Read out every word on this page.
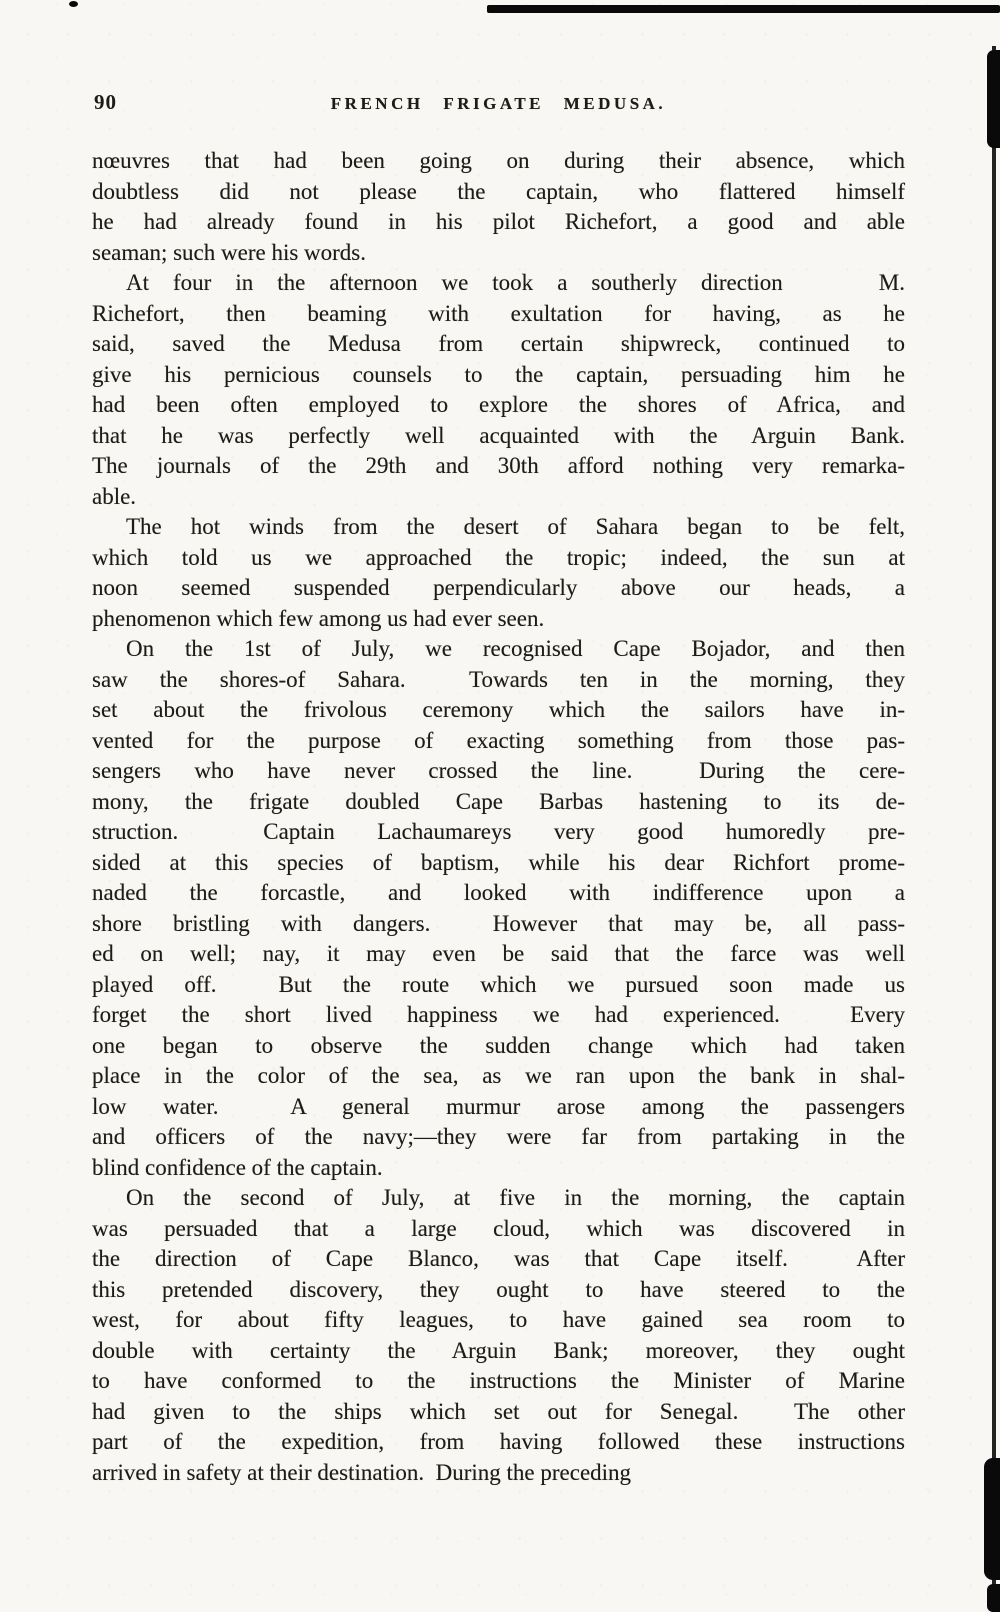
90	FRENCH FRIGATE MEDUSA.

nœuvres that had been going on during their absence, which
doubtless did not please the captain, who flattered himself
he had already found in his pilot Richefort, a good and able
seaman; such were his words.

At four in the afternoon we took a southerly direction    M.
Richefort, then beaming with exultation for having, as he
said, saved the Medusa from certain shipwreck, continued to
give his pernicious counsels to the captain, persuading him he
had been often employed to explore the shores of Africa, and
that he was perfectly well acquainted with the Arguin Bank.
The journals of the 29th and 30th afford nothing very remarka-
able.

The hot winds from the desert of Sahara began to be felt,
which told us we approached the tropic; indeed, the sun at
noon seemed suspended perpendicularly above our heads, a
phenomenon which few among us had ever seen.

On the 1st of July, we recognised Cape Bojador, and then
saw the shores-of Sahara.  Towards ten in the morning, they
set about the frivolous ceremony which the sailors have in-
vented for the purpose of exacting something from those pas-
sengers who have never crossed the line.  During the cere-
mony, the frigate doubled Cape Barbas hastening to its de-
struction.  Captain Lachaumareys very good humoredly pre-
sided at this species of baptism, while his dear Richfort prome-
naded the forcastle, and looked with indifference upon a
shore bristling with dangers.  However that may be, all pass-
ed on well; nay, it may even be said that the farce was well
played off.  But the route which we pursued soon made us
forget the short lived happiness we had experienced.  Every
one began to observe the sudden change which had taken
place in the color of the sea, as we ran upon the bank in shal-
low water.  A general murmur arose among the passengers
and officers of the navy;—they were far from partaking in the
blind confidence of the captain.

On the second of July, at five in the morning, the captain
was persuaded that a large cloud, which was discovered in
the direction of Cape Blanco, was that Cape itself.  After
this pretended discovery, they ought to have steered to the
west, for about fifty leagues, to have gained sea room to
double with certainty the Arguin Bank; moreover, they ought
to have conformed to the instructions the Minister of Marine
had given to the ships which set out for Senegal.  The other
part of the expedition, from having followed these instructions
arrived in safety at their destination.  During the preceding
